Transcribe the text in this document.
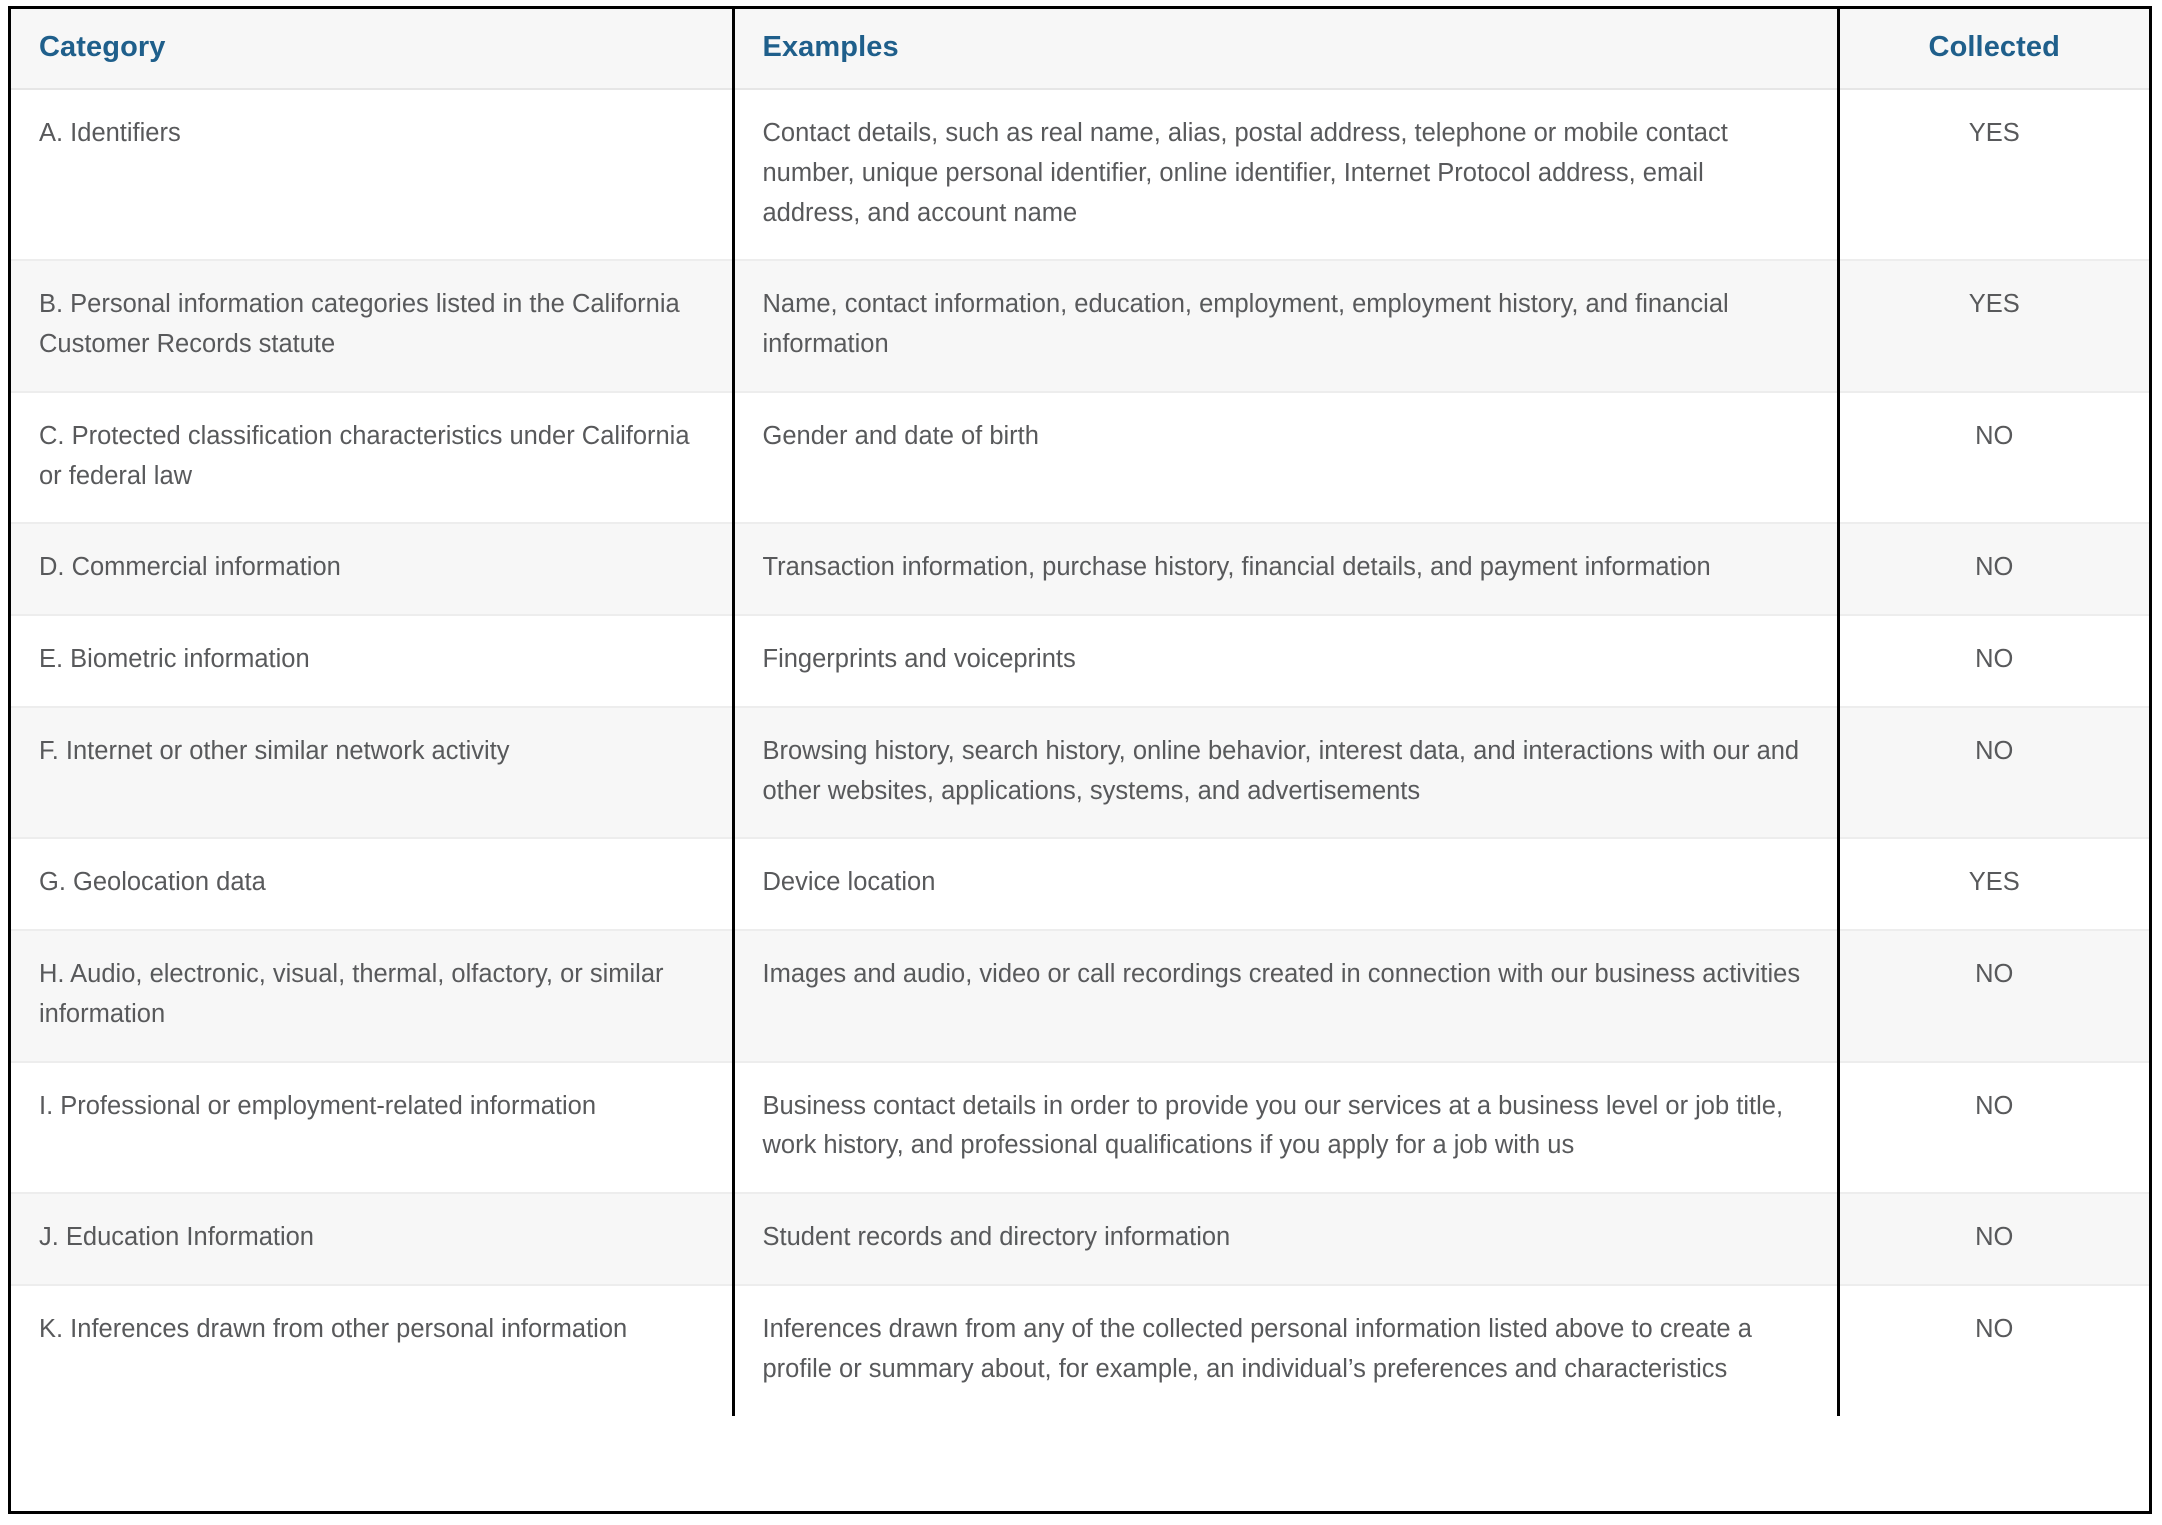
Category	Examples	Collected
A. Identifiers	Contact details, such as real name, alias, postal address, telephone or mobile contact number, unique personal identifier, online identifier, Internet Protocol address, email address, and account name	YES
B. Personal information categories listed in the California Customer Records statute	Name, contact information, education, employment, employment history, and financial information	YES
C. Protected classification characteristics under California or federal law	Gender and date of birth	NO
D. Commercial information	Transaction information, purchase history, financial details, and payment information	NO
E. Biometric information	Fingerprints and voiceprints	NO
F. Internet or other similar network activity	Browsing history, search history, online behavior, interest data, and interactions with our and other websites, applications, systems, and advertisements	NO
G. Geolocation data	Device location	YES
H. Audio, electronic, visual, thermal, olfactory, or similar information	Images and audio, video or call recordings created in connection with our business activities	NO
I. Professional or employment-related information	Business contact details in order to provide you our services at a business level or job title, work history, and professional qualifications if you apply for a job with us	NO
J. Education Information	Student records and directory information	NO
K. Inferences drawn from other personal information	Inferences drawn from any of the collected personal information listed above to create a profile or summary about, for example, an individual’s preferences and characteristics	NO
